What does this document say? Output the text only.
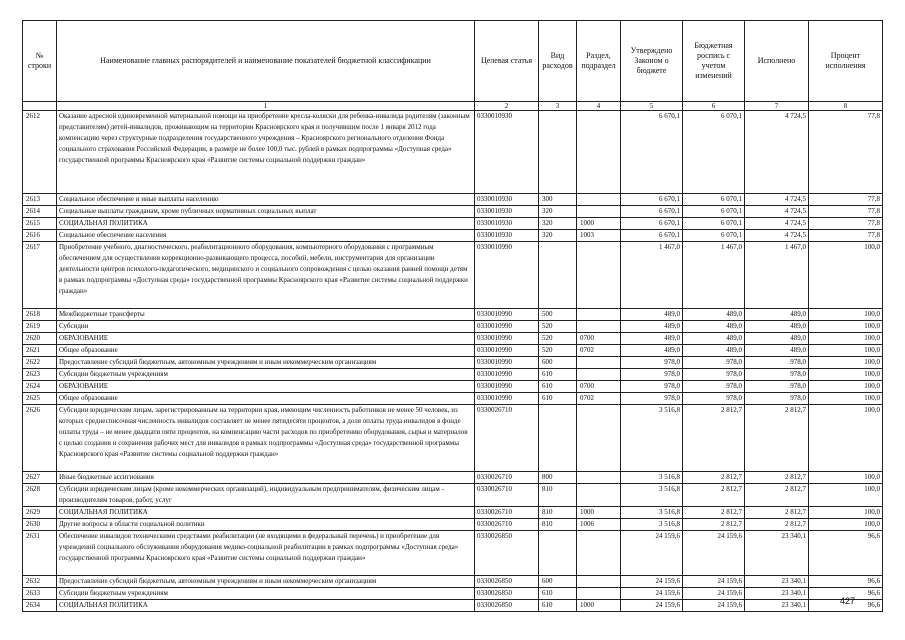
№ строки	Наименование главных распорядителей и наименование показателей бюджетной классификации	Целевая статья	Вид расходов	Раздел, подраздел	Утверждено Законом о бюджете	Бюджетная роспись с учетом изменений	Исполнено	Процент исполнения
	1	2	3	4	5	6	7	8
2612	Оказание адресной единовременной материальной помощи на приобретение кресла-коляски для ребенка-инвалида родителям (законным представителям) детей-инвалидов, проживающим на территории Красноярского края и получившим после 1 января 2012 года компенсацию через структурные подразделения государственного учреждения – Красноярского регионального отделения Фонда социального страхования Российской Федерации, в размере не более 100,0 тыс. рублей в рамках подпрограммы «Доступная среда» государственной программы Красноярского края «Развитие системы социальной поддержки граждан»	0330010930			6 670,1	6 070,1	4 724,5	77,8
2613	Социальное обеспечение и иные выплаты населению	0330010930	300		6 670,1	6 070,1	4 724,5	77,8
2614	Социальные выплаты гражданам, кроме публичных нормативных социальных выплат	0330010930	320		6 670,1	6 070,1	4 724,5	77,8
2615	СОЦИАЛЬНАЯ ПОЛИТИКА	0330010930	320	1000	6 670,1	6 070,1	4 724,5	77,8
2616	Социальное обеспечение населения	0330010930	320	1003	6 670,1	6 070,1	4 724,5	77,8
2617	Приобретение учебного, диагностического, реабилитационного оборудования, компьютерного оборудования с программным обеспечением для осуществления коррекционно-развивающего процесса, пособий, мебели, инструментария для организации деятельности центров психолого-педагогического, медицинского и социального сопровождения с целью оказания ранней помощи детям в рамках подпрограммы «Доступная среда» государственной программы Красноярского края «Развитие системы социальной поддержки граждан»	0330010990			1 467,0	1 467,0	1 467,0	100,0
2618	Межбюджетные трансферты	0330010990	500		489,0	489,0	489,0	100,0
2619	Субсидии	0330010990	520		489,0	489,0	489,0	100,0
2620	ОБРАЗОВАНИЕ	0330010990	520	0700	489,0	489,0	489,0	100,0
2621	Общее образование	0330010990	520	0702	489,0	489,0	489,0	100,0
2622	Предоставление субсидий бюджетным, автономным учреждениям и иным некоммерческим организациям	0330010990	600		978,0	978,0	978,0	100,0
2623	Субсидии бюджетным учреждениям	0330010990	610		978,0	978,0	978,0	100,0
2624	ОБРАЗОВАНИЕ	0330010990	610	0700	978,0	978,0	978,0	100,0
2625	Общее образование	0330010990	610	0702	978,0	978,0	978,0	100,0
2626	Субсидии юридическим лицам, зарегистрированным на территории края, имеющим численность работников не менее 50 человек, из которых среднесписочная численность инвалидов составляет не менее пятидесяти процентов, а доля оплаты труда инвалидов в фонде оплаты труда – не менее двадцати пяти процентов, на компенсацию части расходов по приобретению оборудования, сырья и материалов с целью создания и сохранения рабочих мест для инвалидов в рамках подпрограммы «Доступная среда» государственной программы Красноярского края «Развитие системы социальной поддержки граждан»	0330026710			3 516,8	2 812,7	2 812,7	100,0
2627	Иные бюджетные ассигнования	0330026710	800		3 516,8	2 812,7	2 812,7	100,0
2628	Субсидии юридическим лицам (кроме некоммерческих организаций), индивидуальным предпринимателям, физическим лицам - производителям товаров, работ, услуг	0330026710	810		3 516,8	2 812,7	2 812,7	100,0
2629	СОЦИАЛЬНАЯ ПОЛИТИКА	0330026710	810	1000	3 516,8	2 812,7	2 812,7	100,0
2630	Другие вопросы в области социальной политики	0330026710	810	1006	3 516,8	2 812,7	2 812,7	100,0
2631	Обеспечение инвалидов техническими средствами реабилитации (не входящими в федеральный перечень) и приобретение для учреждений социального обслуживания оборудования медико-социальной реабилитации в рамках подпрограммы «Доступная среда» государственной программы Красноярского края «Развитие системы социальной поддержки граждан»	0330026850			24 159,6	24 159,6	23 340,1	96,6
2632	Предоставление субсидий бюджетным, автономным учреждениям и иным некоммерческим организациям	0330026850	600		24 159,6	24 159,6	23 340,1	96,6
2633	Субсидии бюджетным учреждениям	0330026850	610		24 159,6	24 159,6	23 340,1	96,6
2634	СОЦИАЛЬНАЯ ПОЛИТИКА	0330026850	610	1000	24 159,6	24 159,6	23 340,1	96,6
427
